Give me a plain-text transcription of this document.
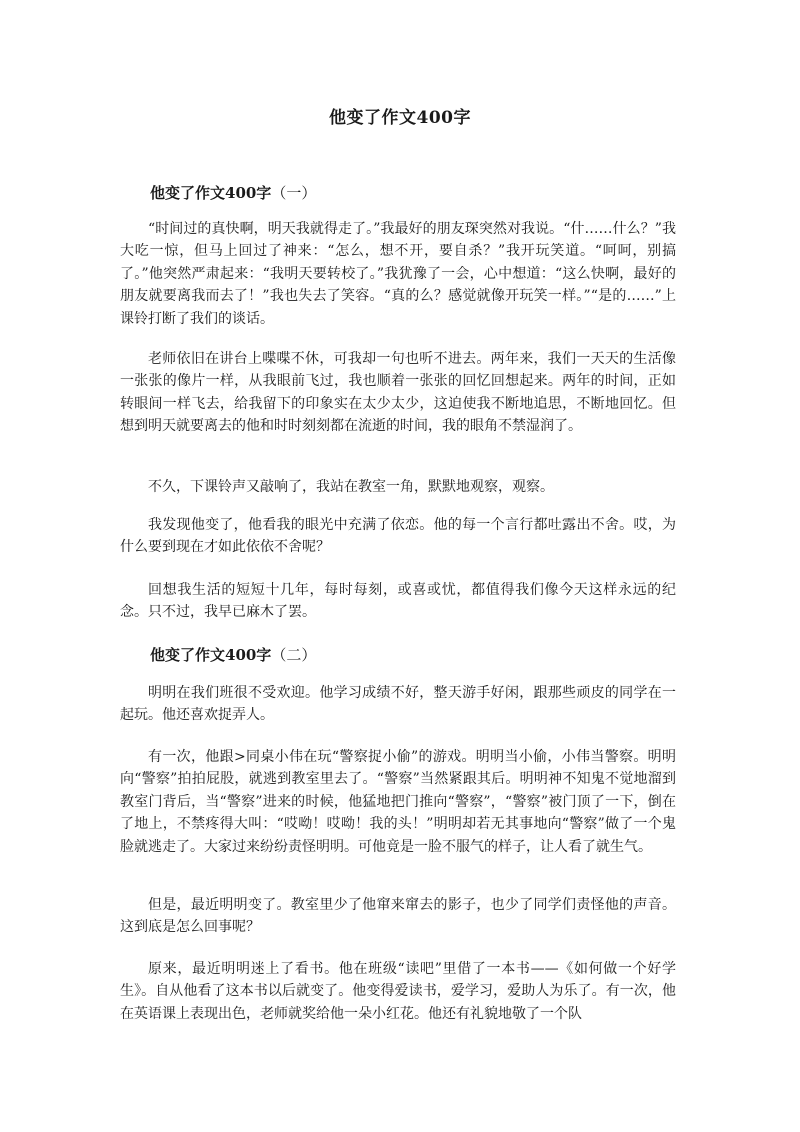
他变了作文400字
他变了作文400字（一）

“时间过的真快啊，明天我就得走了。”我最好的朋友琛突然对我说。“什……什么？”我大吃一惊，但马上回过了神来：“怎么，想不开，要自杀？”我开玩笑道。“呵呵，别搞了。”他突然严肃起来：“我明天要转校了。”我犹豫了一会，心中想道：“这么快啊，最好的朋友就要离我而去了！”我也失去了笑容。“真的么？感觉就像开玩笑一样。”“是的……”上课铃打断了我们的谈话。

老师依旧在讲台上喋喋不休，可我却一句也听不进去。两年来，我们一天天的生活像一张张的像片一样，从我眼前飞过，我也顺着一张张的回忆回想起来。两年的时间，正如转眼间一样飞去，给我留下的印象实在太少太少，这迫使我不断地追思，不断地回忆。但想到明天就要离去的他和时时刻刻都在流逝的时间，我的眼角不禁湿润了。

不久，下课铃声又敲响了，我站在教室一角，默默地观察，观察。

我发现他变了，他看我的眼光中充满了依恋。他的每一个言行都吐露出不舍。哎，为什么要到现在才如此依依不舍呢？

回想我生活的短短十几年，每时每刻，或喜或忧，都值得我们像今天这样永远的纪念。只不过，我早已麻木了罢。

他变了作文400字（二）

明明在我们班很不受欢迎。他学习成绩不好，整天游手好闲，跟那些顽皮的同学在一起玩。他还喜欢捉弄人。

有一次，他跟>同桌小伟在玩“警察捉小偷”的游戏。明明当小偷，小伟当警察。明明向“警察”拍拍屁股，就逃到教室里去了。“警察”当然紧跟其后。明明神不知鬼不觉地溜到教室门背后，当“警察”进来的时候，他猛地把门推向“警察”，“警察”被门顶了一下，倒在了地上，不禁疼得大叫：“哎呦！哎呦！我的头！”明明却若无其事地向“警察”做了一个鬼脸就逃走了。大家过来纷纷责怪明明。可他竟是一脸不服气的样子，让人看了就生气。

但是，最近明明变了。教室里少了他窜来窜去的影子，也少了同学们责怪他的声音。这到底是怎么回事呢？

原来，最近明明迷上了看书。他在班级“读吧”里借了一本书——《如何做一个好学生》。自从他看了这本书以后就变了。他变得爱读书，爱学习，爱助人为乐了。有一次，他在英语课上表现出色，老师就奖给他一朵小红花。他还有礼貌地敬了一个队
